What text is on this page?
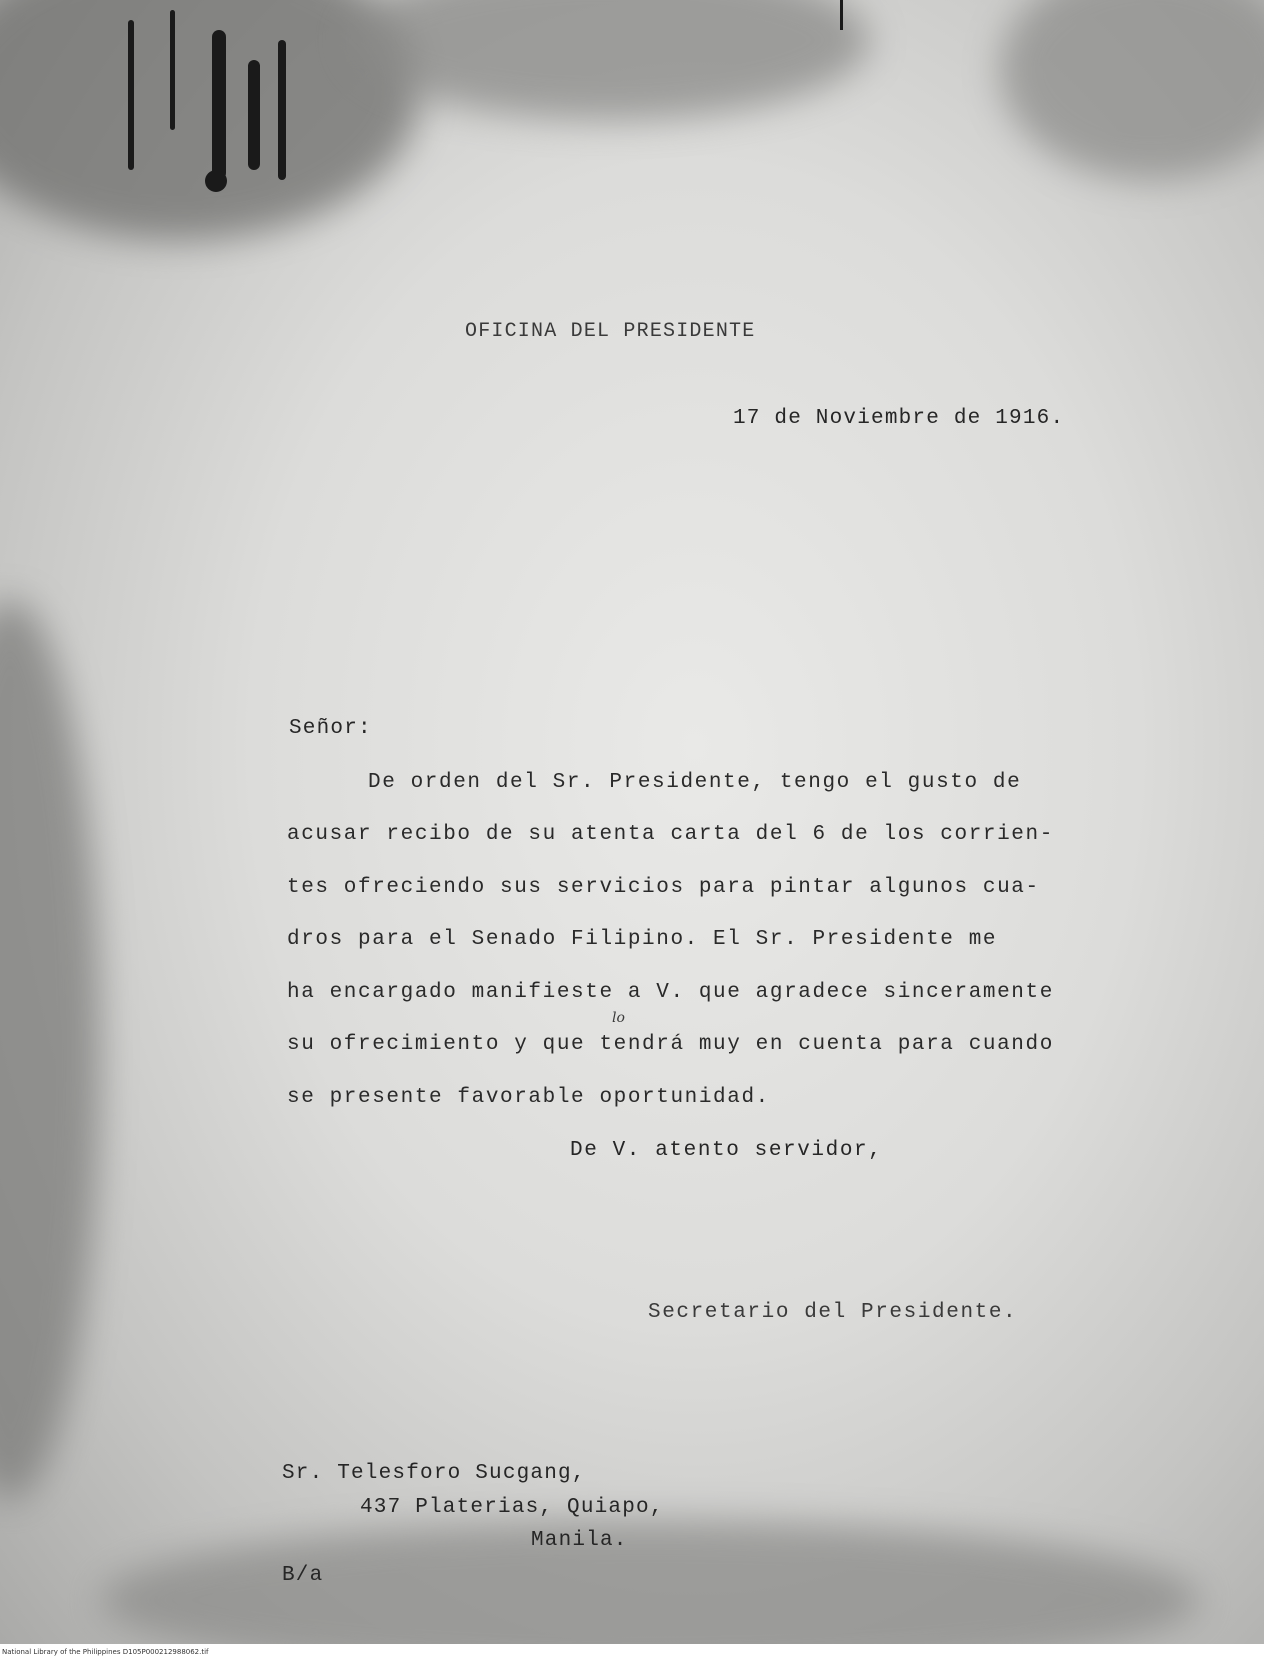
OFICINA DEL PRESIDENTE
17 de Noviembre de 1916.
Señor:
De orden del Sr. Presidente, tengo el gusto de
acusar recibo de su atenta carta del 6 de los corrien-
tes ofreciendo sus servicios para pintar algunos cua-
dros para el Senado Filipino. El Sr. Presidente me
ha encargado manifieste a V. que agradece sinceramente
lo
su ofrecimiento y que tendrá muy en cuenta para cuando
se presente favorable oportunidad.
De V. atento servidor,
Secretario del Presidente.
Sr. Telesforo Sucgang,
437 Platerias, Quiapo,
Manila.
B/a
National Library of the Philippines D105P000212988062.tif
